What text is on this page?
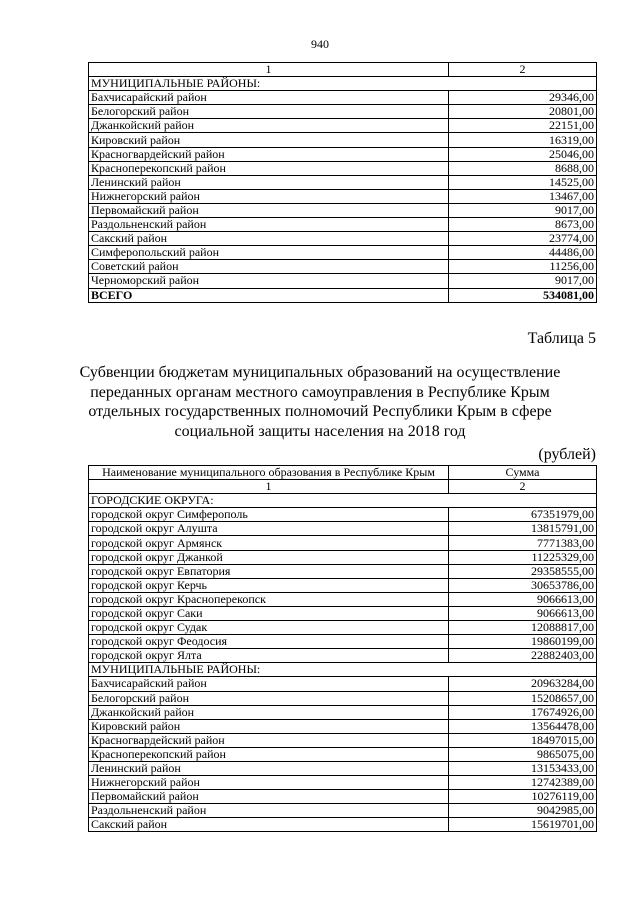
940
1	2
МУНИЦИПАЛЬНЫЕ РАЙОНЫ:	
Бахчисарайский район	29346,00
Белогорский район	20801,00
Джанкойский район	22151,00
Кировский район	16319,00
Красногвардейский район	25046,00
Красноперекопский район	8688,00
Ленинский район	14525,00
Нижнегорский район	13467,00
Первомайский район	9017,00
Раздольненский район	8673,00
Сакский район	23774,00
Симферопольский район	44486,00
Советский район	11256,00
Черноморский район	9017,00
ВСЕГО	534081,00
Таблица 5
Субвенции бюджетам муниципальных образований на осуществление
переданных органам местного самоуправления в Республике Крым
отдельных государственных полномочий Республики Крым в сфере
социальной защиты населения на 2018 год
(рублей)
Наименование муниципального образования в Республике Крым	Сумма
1	2
ГОРОДСКИЕ ОКРУГА:	
городской округ Симферополь	67351979,00
городской округ Алушта	13815791,00
городской округ Армянск	7771383,00
городской округ Джанкой	11225329,00
городской округ Евпатория	29358555,00
городской округ Керчь	30653786,00
городской округ Красноперекопск	9066613,00
городской округ Саки	9066613,00
городской округ Судак	12088817,00
городской округ Феодосия	19860199,00
городской округ Ялта	22882403,00
МУНИЦИПАЛЬНЫЕ РАЙОНЫ:	
Бахчисарайский район	20963284,00
Белогорский район	15208657,00
Джанкойский район	17674926,00
Кировский район	13564478,00
Красногвардейский район	18497015,00
Красноперекопский район	9865075,00
Ленинский район	13153433,00
Нижнегорский район	12742389,00
Первомайский район	10276119,00
Раздольненский район	9042985,00
Сакский район	15619701,00
